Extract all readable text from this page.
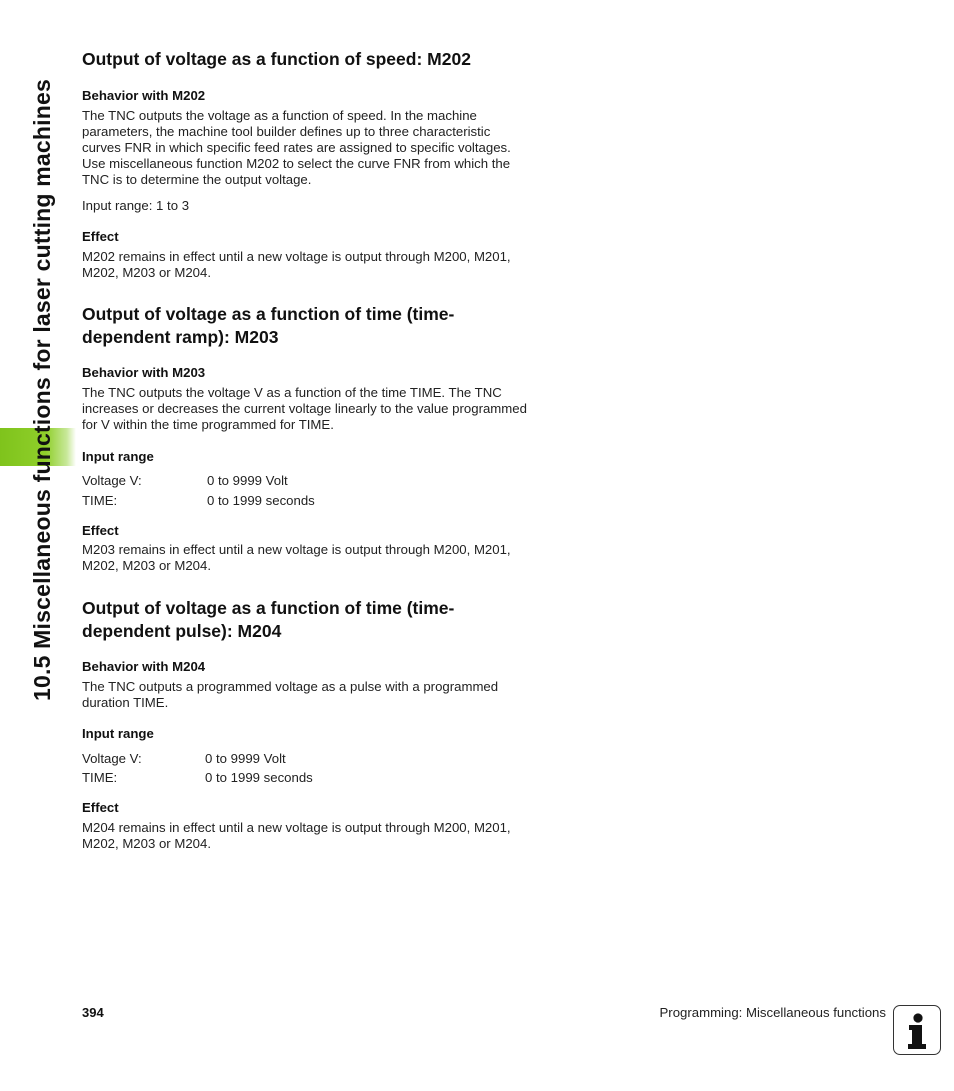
10.5 Miscellaneous functions for laser cutting machines
Output of voltage as a function of speed: M202
Behavior with M202
The TNC outputs the voltage as a function of speed. In the machine parameters, the machine tool builder defines up to three characteristic curves FNR in which specific feed rates are assigned to specific voltages. Use miscellaneous function M202 to select the curve FNR from which the TNC is to determine the output voltage.
Input range: 1 to 3
Effect
M202 remains in effect until a new voltage is output through M200, M201, M202, M203 or M204.
Output of voltage as a function of time (time-dependent ramp): M203
Behavior with M203
The TNC outputs the voltage V as a function of the time TIME. The TNC increases or decreases the current voltage linearly to the value programmed for V within the time programmed for TIME.
Input range
Voltage V:	0 to 9999 Volt
TIME:	0 to 1999 seconds
Effect
M203 remains in effect until a new voltage is output through M200, M201, M202, M203 or M204.
Output of voltage as a function of time (time-dependent pulse): M204
Behavior with M204
The TNC outputs a programmed voltage as a pulse with a programmed duration TIME.
Input range
Voltage V:	0 to 9999 Volt
TIME:	0 to 1999 seconds
Effect
M204 remains in effect until a new voltage is output through M200, M201, M202, M203 or M204.
394	Programming: Miscellaneous functions
